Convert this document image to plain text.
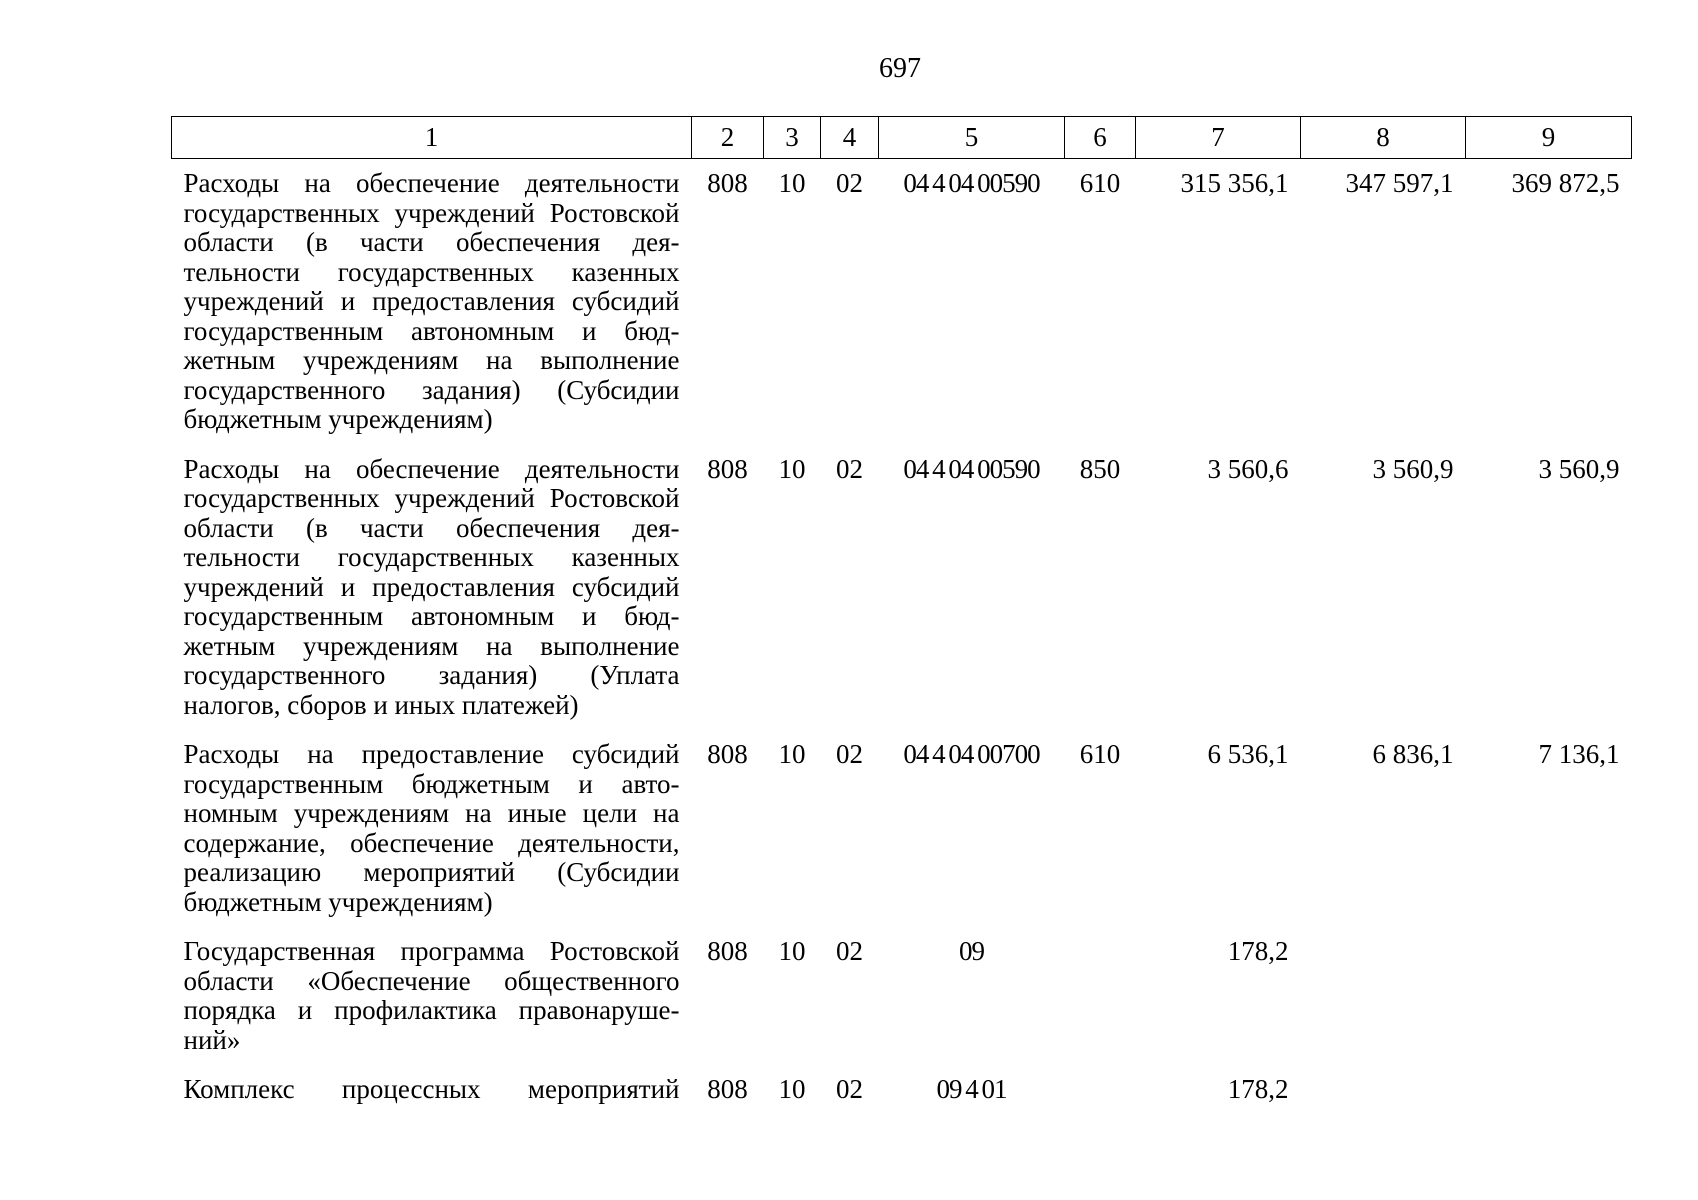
697
1	2	3	4	5	6	7	8	9
Расходы на обеспечение деятельности государственных учреждений Ростовской области (в части обеспечения деятельности государственных казенных учреждений и предоставления субсидий государственным автономным и бюджетным учреждениям на выполнение государственного задания) (Субсидии бюджетным учреждениям)	808	10	02	04 4 04 00590	610	315 356,1	347 597,1	369 872,5
Расходы на обеспечение деятельности государственных учреждений Ростовской области (в части обеспечения деятельности государственных казенных учреждений и предоставления субсидий государственным автономным и бюджетным учреждениям на выполнение государственного задания) (Уплата налогов, сборов и иных платежей)	808	10	02	04 4 04 00590	850	3 560,6	3 560,9	3 560,9
Расходы на предоставление субсидий государственным бюджетным и автономным учреждениям на иные цели на содержание, обеспечение деятельности, реализацию мероприятий (Субсидии бюджетным учреждениям)	808	10	02	04 4 04 00700	610	6 536,1	6 836,1	7 136,1
Государственная программа Ростовской области «Обеспечение общественного порядка и профилактика правонарушений»	808	10	02	09		178,2		
Комплекс процессных мероприятий	808	10	02	09 4 01		178,2		
